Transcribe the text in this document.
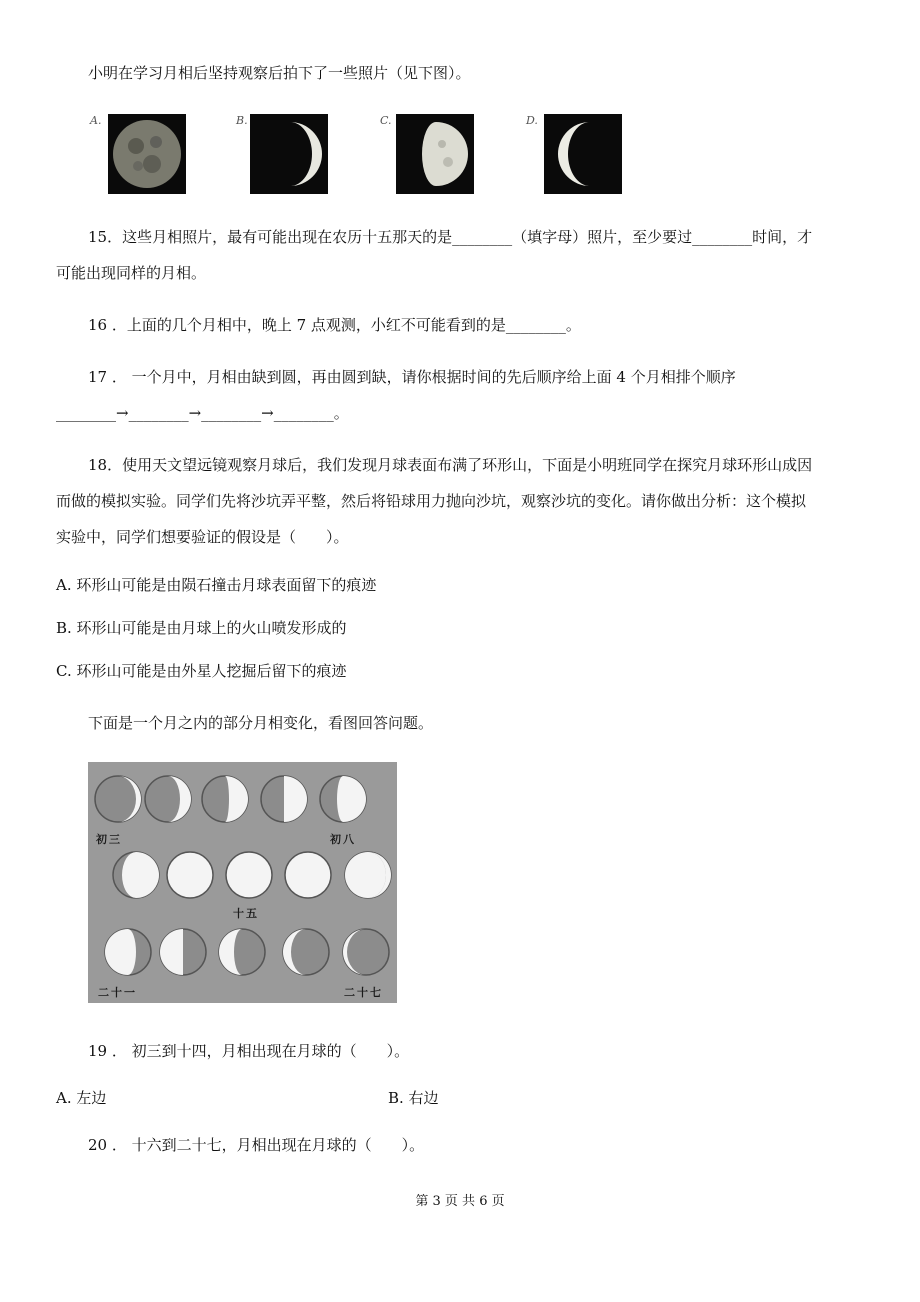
小明在学习月相后坚持观察后拍下了一些照片（见下图）。
A.	B.	C.	D.
15．这些月相照片，最有可能出现在农历十五那天的是________（填字母）照片，至少要过________时间，才
可能出现同样的月相。
16 ．上面的几个月相中，晚上 7 点观测，小红不可能看到的是________。
17 ． 一个月中，月相由缺到圆，再由圆到缺，请你根据时间的先后顺序给上面 4 个月相排个顺序
________→________→________→________。
18．使用天文望远镜观察月球后，我们发现月球表面布满了环形山，下面是小明班同学在探究月球环形山成因
而做的模拟实验。同学们先将沙坑弄平整，然后将铅球用力抛向沙坑，观察沙坑的变化。请你做出分析：这个模拟
实验中，同学们想要验证的假设是（　　）。
A. 环形山可能是由陨石撞击月球表面留下的痕迹
B. 环形山可能是由月球上的火山喷发形成的
C. 环形山可能是由外星人挖掘后留下的痕迹
下面是一个月之内的部分月相变化，看图回答问题。
初三	初八
十五
二十一	二十七
19 ． 初三到十四，月相出现在月球的（　　）。
A. 左边	B. 右边
20 ． 十六到二十七，月相出现在月球的（　　）。
第 3 页 共 6 页
